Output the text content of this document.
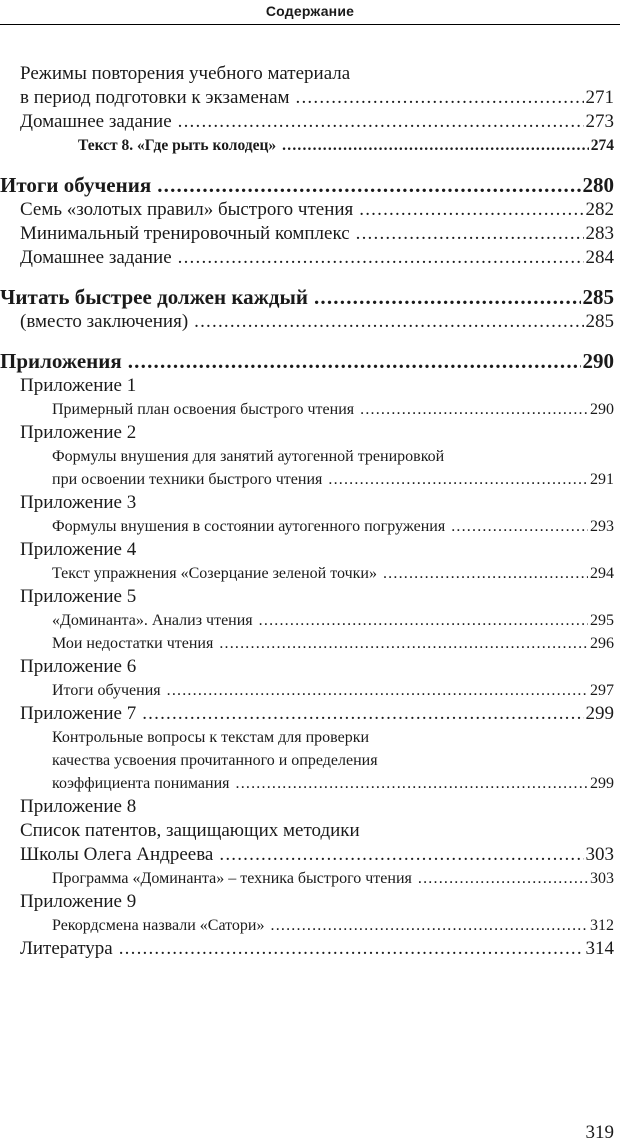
Содержание
Режимы повторения учебного материала
в период подготовки к экзаменам .....	271
Домашнее задание .....	273
Текст 8. «Где рыть колодец» .....	274
Итоги обучения .....	280
Семь «золотых правил» быстрого чтения .....	282
Минимальный тренировочный комплекс .....	283
Домашнее задание .....	284
Читать быстрее должен каждый .....	285
(вместо заключения) .....	285
Приложения .....	290
Приложение 1
Примерный план освоения быстрого чтения .....	290
Приложение 2
Формулы внушения для занятий аутогенной тренировкой
при освоении техники быстрого чтения .....	291
Приложение 3
Формулы внушения в состоянии аутогенного погружения .....	293
Приложение 4
Текст упражнения «Созерцание зеленой точки» .....	294
Приложение 5
«Доминанта». Анализ чтения .....	295
Мои недостатки чтения .....	296
Приложение 6
Итоги обучения .....	297
Приложение 7 .....	299
Контрольные вопросы к текстам для проверки
качества усвоения прочитанного и определения
коэффициента понимания .....	299
Приложение 8
Список патентов, защищающих методики
Школы Олега Андреева .....	303
Программа «Доминанта» – техника быстрого чтения .....	303
Приложение 9
Рекордсмена назвали «Сатори» .....	312
Литература .....	314
319
